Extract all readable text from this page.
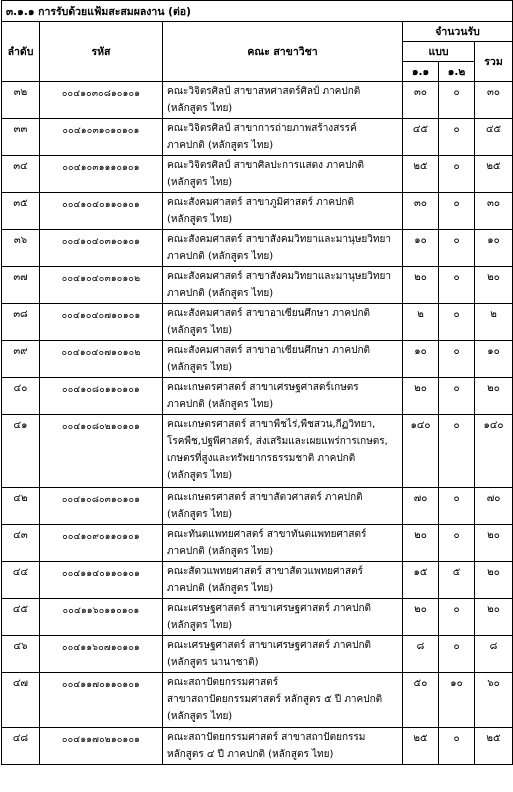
๓.๑.๑ การรับด้วยแฟ้มสะสมผลงาน (ต่อ)					
ลำดับ	รหัส	คณะ สาขาวิชา	จำนวนรับ		
			แบบ		รวม
			๑.๑	๑.๒	
๓๒	๐๐๔๑๐๓๐๘๑๐๑๐๑	คณะวิจิตรศิลป์ สาขาสหศาสตร์ศิลป์ ภาคปกติ
(หลักสูตร ไทย)	๓๐	๐	๓๐
๓๓	๐๐๔๑๐๓๑๐๑๐๑๐๑	คณะวิจิตรศิลป์ สาขาการถ่ายภาพสร้างสรรค์
ภาคปกติ (หลักสูตร ไทย)	๔๕	๐	๔๕
๓๔	๐๐๔๑๐๓๑๑๑๐๑๐๑	คณะวิจิตรศิลป์ สาขาศิลปะการแสดง ภาคปกติ
(หลักสูตร ไทย)	๒๕	๐	๒๕
๓๕	๐๐๔๑๐๔๐๑๑๐๑๐๑	คณะสังคมศาสตร์ สาขาภูมิศาสตร์ ภาคปกติ
(หลักสูตร ไทย)	๓๐	๐	๓๐
๓๖	๐๐๔๑๐๔๐๓๑๐๑๐๑	คณะสังคมศาสตร์ สาขาสังคมวิทยาและมานุษยวิทยา
ภาคปกติ (หลักสูตร ไทย)	๑๐	๐	๑๐
๓๗	๐๐๔๑๐๔๐๓๑๐๑๐๒	คณะสังคมศาสตร์ สาขาสังคมวิทยาและมานุษยวิทยา
ภาคปกติ (หลักสูตร ไทย)	๒๐	๐	๒๐
๓๘	๐๐๔๑๐๔๐๗๑๐๑๐๑	คณะสังคมศาสตร์ สาขาอาเซียนศึกษา ภาคปกติ
(หลักสูตร ไทย)	๒	๐	๒
๓๙	๐๐๔๑๐๔๐๗๑๐๑๐๒	คณะสังคมศาสตร์ สาขาอาเซียนศึกษา ภาคปกติ
(หลักสูตร ไทย)	๑๐	๐	๑๐
๔๐	๐๐๔๑๐๘๐๑๑๐๑๐๑	คณะเกษตรศาสตร์ สาขาเศรษฐศาสตร์เกษตร
ภาคปกติ (หลักสูตร ไทย)	๒๐	๐	๒๐
๔๑	๐๐๔๑๐๘๐๒๑๐๑๐๑	คณะเกษตรศาสตร์ สาขาพืชไร่,พืชสวน,กีฏวิทยา,
โรคพืช,ปฐพีศาสตร์, ส่งเสริมและเผยแพร่การเกษตร,
เกษตรที่สูงและทรัพยากรธรรมชาติ ภาคปกติ
(หลักสูตร ไทย)	๑๔๐	๐	๑๔๐
๔๒	๐๐๔๑๐๘๐๓๑๐๑๐๑	คณะเกษตรศาสตร์ สาขาสัตวศาสตร์ ภาคปกติ
(หลักสูตร ไทย)	๗๐	๐	๗๐
๔๓	๐๐๔๑๐๙๐๑๑๐๑๐๑	คณะทันตแพทยศาสตร์ สาขาทันตแพทยศาสตร์
ภาคปกติ (หลักสูตร ไทย)	๒๐	๐	๒๐
๔๔	๐๐๔๑๑๔๐๑๑๐๑๐๑	คณะสัตวแพทยศาสตร์ สาขาสัตวแพทยศาสตร์
ภาคปกติ (หลักสูตร ไทย)	๑๕	๕	๒๐
๔๕	๐๐๔๑๑๖๐๑๑๐๑๐๑	คณะเศรษฐศาสตร์ สาขาเศรษฐศาสตร์ ภาคปกติ
(หลักสูตร ไทย)	๒๐	๐	๒๐
๔๖	๐๐๔๑๑๖๐๗๑๐๑๐๑	คณะเศรษฐศาสตร์ สาขาเศรษฐศาสตร์ ภาคปกติ
(หลักสูตร นานาชาติ)	๘	๐	๘
๔๗	๐๐๔๑๑๗๐๑๑๐๑๐๑	คณะสถาปัตยกรรมศาสตร์
สาขาสถาปัตยกรรมศาสตร์ หลักสูตร ๕ ปี ภาคปกติ
(หลักสูตร ไทย)	๕๐	๑๐	๖๐
๔๘	๐๐๔๑๑๗๐๒๑๐๑๐๑	คณะสถาปัตยกรรมศาสตร์ สาขาสถาปัตยกรรม
หลักสูตร ๔ ปี ภาคปกติ (หลักสูตร ไทย)	๒๕	๐	๒๕
